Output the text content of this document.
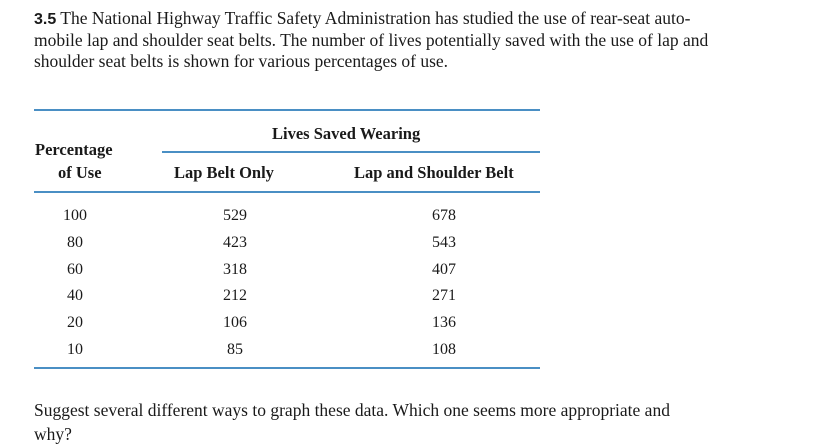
3.5 The National Highway Traffic Safety Administration has studied the use of rear-seat auto-
mobile lap and shoulder seat belts. The number of lives potentially saved with the use of lap and
shoulder seat belts is shown for various percentages of use.
Lives Saved Wearing
Percentage
of Use	Lap Belt Only	Lap and Shoulder Belt
100
80
60
40
20
10
529
423
318
212
106
85
678
543
407
271
136
108
Suggest several different ways to graph these data. Which one seems more appropriate and
why?
